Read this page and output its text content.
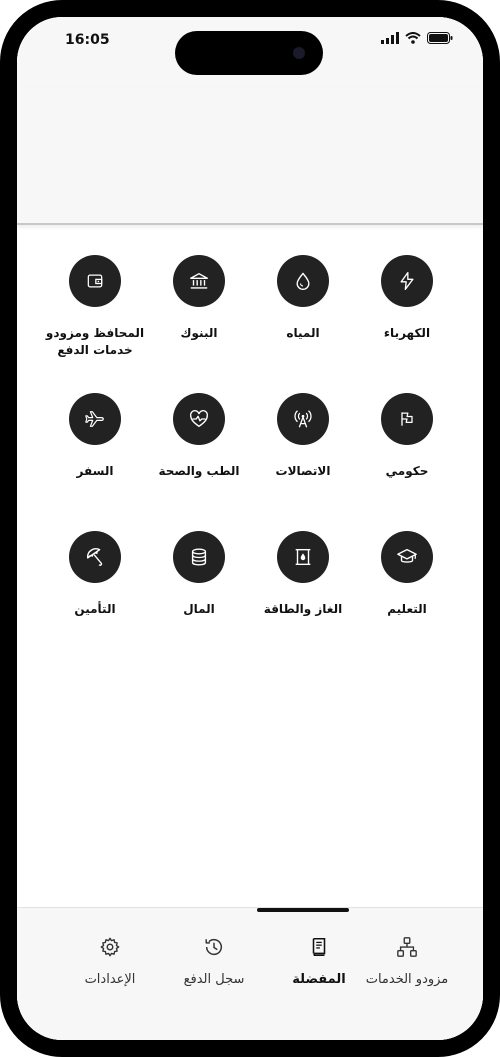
16:05
الكهرباء
المياه
البنوك
المحافظ ومزودو خدمات الدفع
حكومي
الاتصالات
الطب والصحة
السفر
التعليم
الغاز والطاقة
المال
التأمين
مزودو الخدمات
المفضلة
سجل الدفع
الإعدادات
